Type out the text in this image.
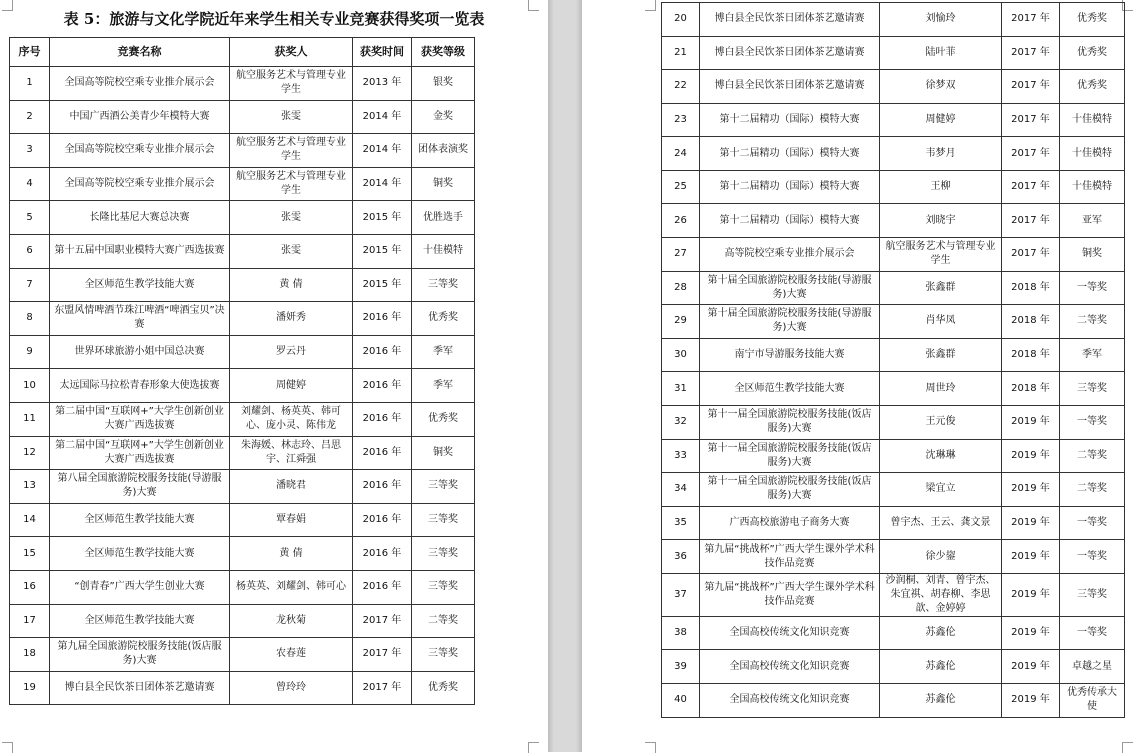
表 5：旅游与文化学院近年来学生相关专业竞赛获得奖项一览表
序号	竞赛名称	获奖人	获奖时间	获奖等级
1	全国高等院校空乘专业推介展示会	航空服务艺术与管理专业学生	2013 年	银奖
2	中国广西酒公美青少年模特大赛	张雯	2014 年	金奖
3	全国高等院校空乘专业推介展示会	航空服务艺术与管理专业学生	2014 年	团体表演奖
4	全国高等院校空乘专业推介展示会	航空服务艺术与管理专业学生	2014 年	铜奖
5	长隆比基尼大赛总决赛	张雯	2015 年	优胜选手
6	第十五届中国职业模特大赛广西选拔赛	张雯	2015 年	十佳模特
7	全区师范生教学技能大赛	黄 倩	2015 年	三等奖
8	东盟风情啤酒节珠江啤酒“啤酒宝贝”决赛	潘妍秀	2016 年	优秀奖
9	世界环球旅游小姐中国总决赛	罗云丹	2016 年	季军
10	太远国际马拉松青春形象大使选拔赛	周健婷	2016 年	季军
11	第二届中国“互联网+”大学生创新创业大赛广西选拔赛	刘耀剑、杨英英、韩可心、庞小灵、陈伟龙	2016 年	优秀奖
12	第二届中国“互联网+”大学生创新创业大赛广西选拔赛	朱海媛、林志玲、吕思宇、江舜强	2016 年	铜奖
13	第八届全国旅游院校服务技能(导游服务)大赛	潘晓君	2016 年	三等奖
14	全区师范生教学技能大赛	覃春娟	2016 年	三等奖
15	全区师范生教学技能大赛	黄 倩	2016 年	三等奖
16	“创青春”广西大学生创业大赛	杨英英、刘耀剑、韩可心	2016 年	三等奖
17	全区师范生教学技能大赛	龙秋菊	2017 年	二等奖
18	第九届全国旅游院校服务技能(饭店服务)大赛	农春莲	2017 年	三等奖
19	博白县全民饮茶日团体茶艺邀请赛	曾玲玲	2017 年	优秀奖
20	博白县全民饮茶日团体茶艺邀请赛	刘愉玲	2017 年	优秀奖
21	博白县全民饮茶日团体茶艺邀请赛	陆叶菲	2017 年	优秀奖
22	博白县全民饮茶日团体茶艺邀请赛	徐梦双	2017 年	优秀奖
23	第十二届精功（国际）模特大赛	周健婷	2017 年	十佳模特
24	第十二届精功（国际）模特大赛	韦梦月	2017 年	十佳模特
25	第十二届精功（国际）模特大赛	王柳	2017 年	十佳模特
26	第十二届精功（国际）模特大赛	刘晓宇	2017 年	亚军
27	高等院校空乘专业推介展示会	航空服务艺术与管理专业学生	2017 年	铜奖
28	第十届全国旅游院校服务技能(导游服务)大赛	张鑫群	2018 年	一等奖
29	第十届全国旅游院校服务技能(导游服务)大赛	肖华凤	2018 年	二等奖
30	南宁市导游服务技能大赛	张鑫群	2018 年	季军
31	全区师范生教学技能大赛	周世玲	2018 年	三等奖
32	第十一届全国旅游院校服务技能(饭店服务)大赛	王元俊	2019 年	一等奖
33	第十一届全国旅游院校服务技能(饭店服务)大赛	沈琳琳	2019 年	二等奖
34	第十一届全国旅游院校服务技能(饭店服务)大赛	梁宜立	2019 年	二等奖
35	广西高校旅游电子商务大赛	曾宇杰、王云、龚文景	2019 年	一等奖
36	第九届“挑战杯”广西大学生课外学术科技作品竞赛	徐少鋆	2019 年	一等奖
37	第九届“挑战杯”广西大学生课外学术科技作品竞赛	沙润桐、刘青、曾宇杰、朱宜祺、胡春柳、李思歆、金婷婷	2019 年	三等奖
38	全国高校传统文化知识竞赛	苏鑫伦	2019 年	一等奖
39	全国高校传统文化知识竞赛	苏鑫伦	2019 年	卓越之星
40	全国高校传统文化知识竞赛	苏鑫伦	2019 年	优秀传承大使
